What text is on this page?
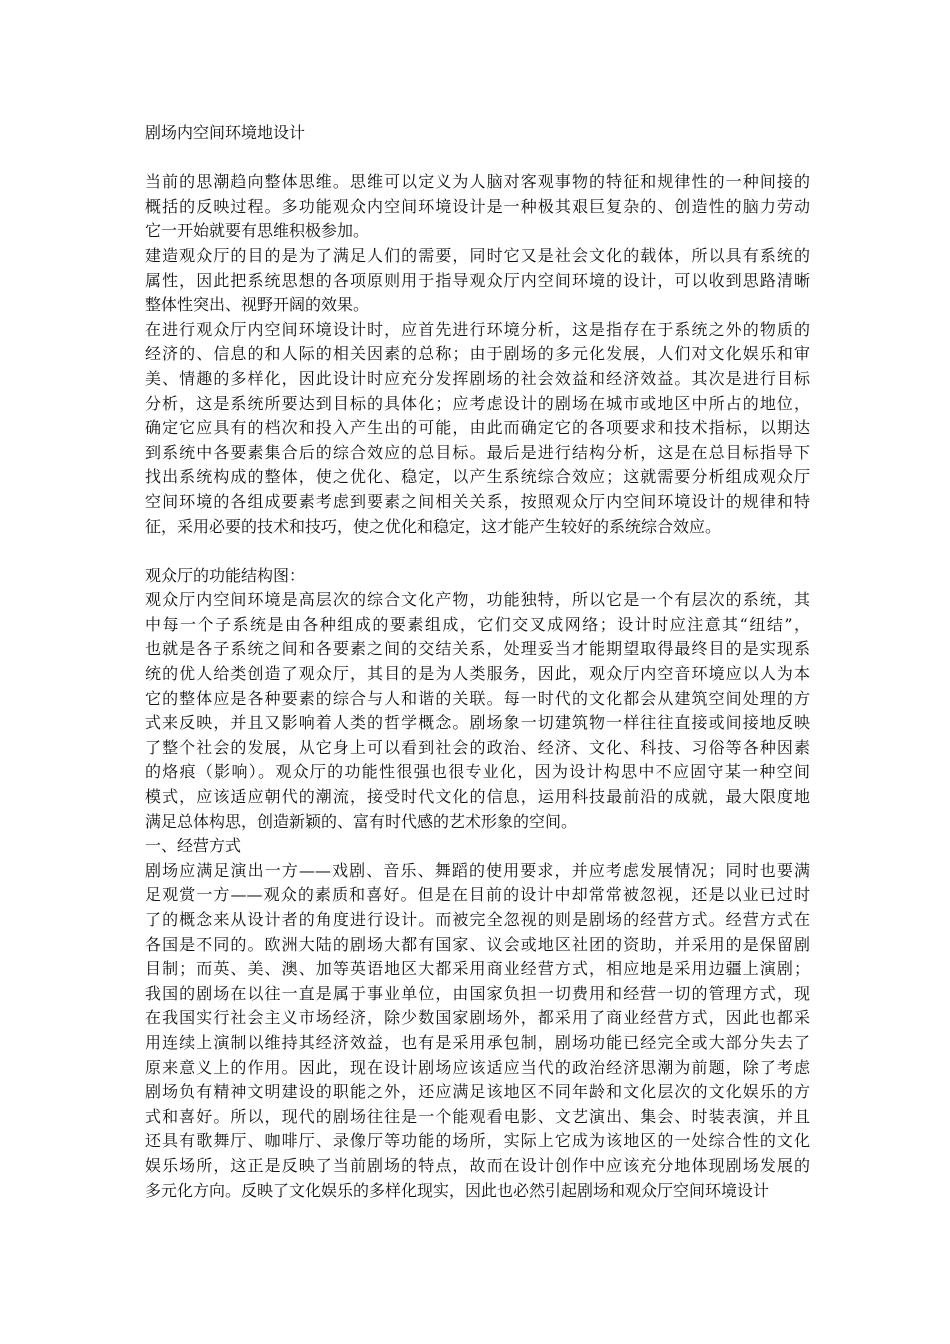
剧场内空间环境地设计
当前的思潮趋向整体思维。思维可以定义为人脑对客观事物的特征和规律性的一种间接的
概括的反映过程。多功能观众内空间环境设计是一种极其艰巨复杂的、创造性的脑力劳动
它一开始就要有思维积极参加。
建造观众厅的目的是为了满足人们的需要，同时它又是社会文化的载体，所以具有系统的
属性，因此把系统思想的各项原则用于指导观众厅内空间环境的设计，可以收到思路清晰
整体性突出、视野开阔的效果。
在进行观众厅内空间环境设计时，应首先进行环境分析，这是指存在于系统之外的物质的
经济的、信息的和人际的相关因素的总称；由于剧场的多元化发展，人们对文化娱乐和审
美、情趣的多样化，因此设计时应充分发挥剧场的社会效益和经济效益。其次是进行目标
分析，这是系统所要达到目标的具体化；应考虑设计的剧场在城市或地区中所占的地位，
确定它应具有的档次和投入产生出的可能，由此而确定它的各项要求和技术指标，以期达
到系统中各要素集合后的综合效应的总目标。最后是进行结构分析，这是在总目标指导下
找出系统构成的整体，使之优化、稳定，以产生系统综合效应；这就需要分析组成观众厅
空间环境的各组成要素考虑到要素之间相关关系，按照观众厅内空间环境设计的规律和特
征，采用必要的技术和技巧，使之优化和稳定，这才能产生较好的系统综合效应。
观众厅的功能结构图：
观众厅内空间环境是高层次的综合文化产物，功能独特，所以它是一个有层次的系统，其
中每一个子系统是由各种组成的要素组成，它们交叉成网络；设计时应注意其“纽结”，
也就是各子系统之间和各要素之间的交结关系，处理妥当才能期望取得最终目的是实现系
统的优人给类创造了观众厅，其目的是为人类服务，因此，观众厅内空音环境应以人为本
它的整体应是各种要素的综合与人和谐的关联。每一时代的文化都会从建筑空间处理的方
式来反映，并且又影响着人类的哲学概念。剧场象一切建筑物一样往往直接或间接地反映
了整个社会的发展，从它身上可以看到社会的政治、经济、文化、科技、习俗等各种因素
的烙痕（影响）。观众厅的功能性很强也很专业化，因为设计构思中不应固守某一种空间
模式，应该适应朝代的潮流，接受时代文化的信息，运用科技最前沿的成就，最大限度地
满足总体构思，创造新颖的、富有时代感的艺术形象的空间。
一、经营方式
剧场应满足演出一方——戏剧、音乐、舞蹈的使用要求，并应考虑发展情况；同时也要满
足观赏一方——观众的素质和喜好。但是在目前的设计中却常常被忽视，还是以业已过时
了的概念来从设计者的角度进行设计。而被完全忽视的则是剧场的经营方式。经营方式在
各国是不同的。欧洲大陆的剧场大都有国家、议会或地区社团的资助，并采用的是保留剧
目制；而英、美、澳、加等英语地区大都采用商业经营方式，相应地是采用边疆上演剧；
我国的剧场在以往一直是属于事业单位，由国家负担一切费用和经营一切的管理方式，现
在我国实行社会主义市场经济，除少数国家剧场外，都采用了商业经营方式，因此也都采
用连续上演制以维持其经济效益，也有是采用承包制，剧场功能已经完全或大部分失去了
原来意义上的作用。因此，现在设计剧场应该适应当代的政治经济思潮为前题，除了考虑
剧场负有精神文明建设的职能之外，还应满足该地区不同年龄和文化层次的文化娱乐的方
式和喜好。所以，现代的剧场往往是一个能观看电影、文艺演出、集会、时装表演，并且
还具有歌舞厅、咖啡厅、录像厅等功能的场所，实际上它成为该地区的一处综合性的文化
娱乐场所，这正是反映了当前剧场的特点，故而在设计创作中应该充分地体现剧场发展的
多元化方向。反映了文化娱乐的多样化现实，因此也必然引起剧场和观众厅空间环境设计
